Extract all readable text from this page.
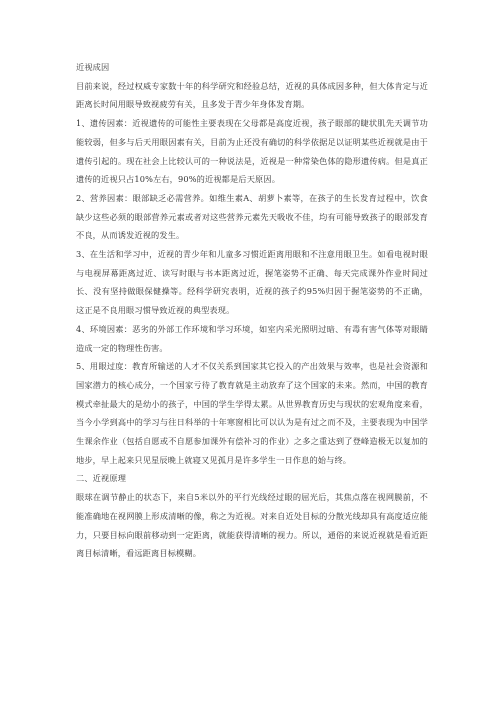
近视成因

目前来说，经过权威专家数十年的科学研究和经验总结，近视的具体成因多种，但大体肯定与近距离长时间用眼导致视疲劳有关，且多发于青少年身体发育期。

1、遗传因素：近视遗传的可能性主要表现在父母都是高度近视，孩子眼部的睫状肌先天调节功能较弱，但多与后天用眼因素有关，目前为止还没有确切的科学依据足以证明某些近视就是由于遗传引起的。现在社会上比较认可的一种说法是，近视是一种常染色体的隐形遗传病。但是真正遗传的近视只占10%左右，90%的近视都是后天原因。

2、营养因素：眼部缺乏必需营养。如维生素A、胡萝卜素等，在孩子的生长发育过程中，饮食缺少这些必须的眼部营养元素或者对这些营养元素先天吸收不佳，均有可能导致孩子的眼部发育不良，从而诱发近视的发生。

3、在生活和学习中，近视的青少年和儿童多习惯近距离用眼和不注意用眼卫生。如看电视时眼与电视屏幕距离过近、读写时眼与书本距离过近，握笔姿势不正确、每天完成课外作业时间过长、没有坚持做眼保健操等。经科学研究表明，近视的孩子约95%归因于握笔姿势的不正确，这正是不良用眼习惯导致近视的典型表现。

4、环境因素：恶劣的外部工作环境和学习环境，如室内采光照明过暗、有毒有害气体等对眼睛造成一定的物理性伤害。

5、用眼过度：教育所输送的人才不仅关系到国家其它投入的产出效果与效率，也是社会资源和国家潜力的核心成分，一个国家亏待了教育就是主动放弃了这个国家的未来。然而，中国的教育模式牵扯最大的是幼小的孩子，中国的学生学得太累。从世界教育历史与现状的宏观角度来看，当今小学到高中的学习与往日科举的十年寒窗相比可以认为是有过之而不及，主要表现为中国学生课余作业（包括自愿或不自愿参加课外有偿补习的作业）之多之重达到了登峰造极无以复加的地步，早上起来只见星辰晚上就寝又见孤月是许多学生一日作息的始与终。

二、近视原理

眼球在调节静止的状态下，来自5米以外的平行光线经过眼的屈光后，其焦点落在视网膜前，不能准确地在视网膜上形成清晰的像，称之为近视。对来自近处目标的分散光线却具有高度适应能力，只要目标向眼前移动到一定距离，就能获得清晰的视力。所以，通俗的来说近视就是看近距离目标清晰，看远距离目标模糊。
